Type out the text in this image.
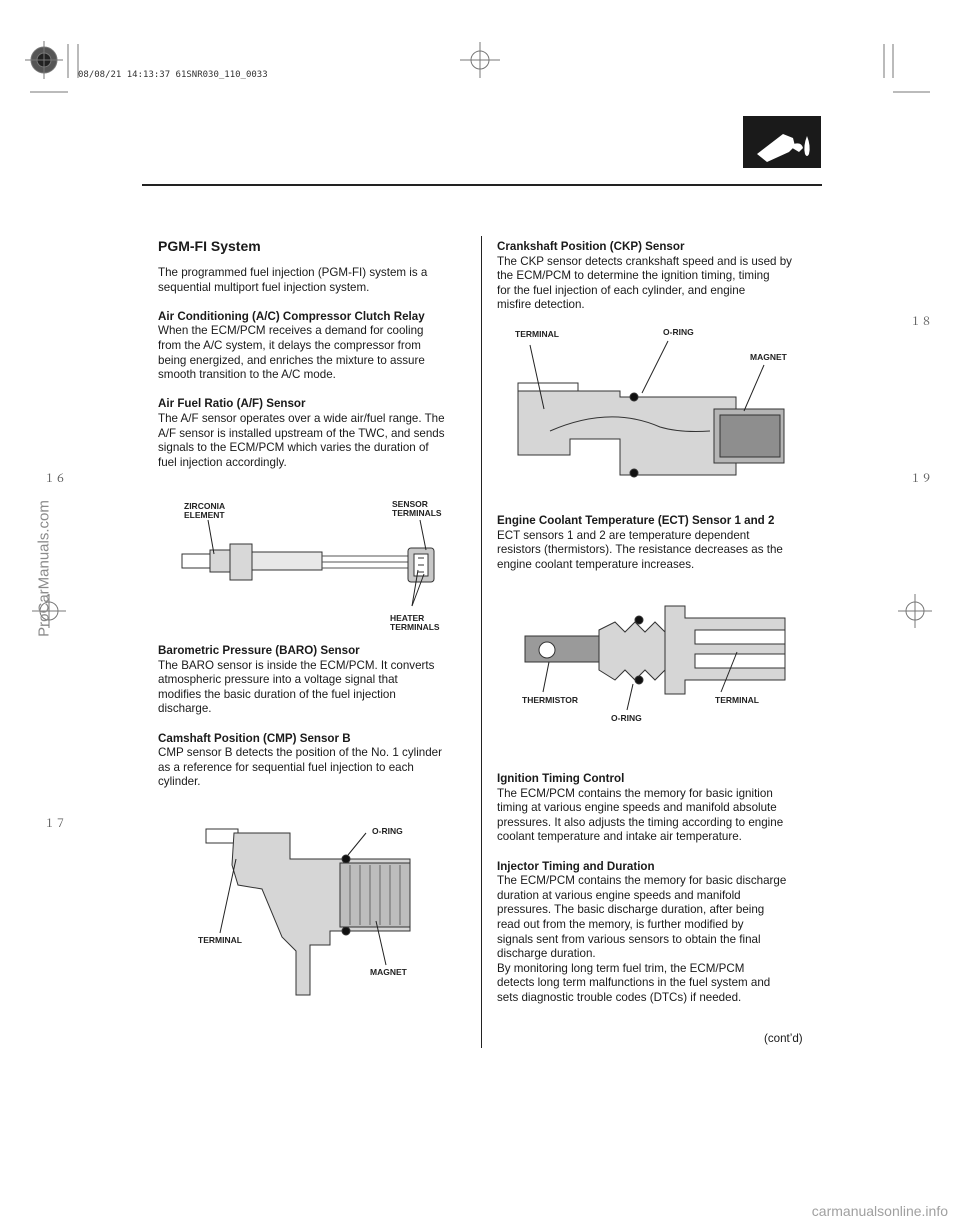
08/08/21 14:13:37 61SNR030_110_0033
１８
１６	１９
１７
ProCarManuals.com
PGM-FI System

The programmed fuel injection (PGM-FI) system is a

sequential multiport fuel injection system.

Air Conditioning (A/C) Compressor Clutch Relay

When the ECM/PCM receives a demand for cooling

from the A/C system, it delays the compressor from

being energized, and enriches the mixture to assure

smooth transition to the A/C mode.

Air Fuel Ratio (A/F) Sensor

The A/F sensor operates over a wide air/fuel range. The

A/F sensor is installed upstream of the TWC, and sends

signals to the ECM/PCM which varies the duration of

fuel injection accordingly.

ZIRCONIA
ELEMENT
SENSOR
TERMINALS
HEATER
TERMINALS

Barometric Pressure (BARO) Sensor

The BARO sensor is inside the ECM/PCM. It converts

atmospheric pressure into a voltage signal that

modifies the basic duration of the fuel injection

discharge.

Camshaft Position (CMP) Sensor B

CMP sensor B detects the position of the No. 1 cylinder

as a reference for sequential fuel injection to each

cylinder.

O-RING
TERMINAL
MAGNET

Crankshaft Position (CKP) Sensor

The CKP sensor detects crankshaft speed and is used by

the ECM/PCM to determine the ignition timing, timing

for the fuel injection of each cylinder, and engine

misfire detection.

TERMINAL	O-RING
MAGNET

Engine Coolant Temperature (ECT) Sensor 1 and 2

ECT sensors 1 and 2 are temperature dependent

resistors (thermistors). The resistance decreases as the

engine coolant temperature increases.

THERMISTOR
O-RING
TERMINAL

Ignition Timing Control

The ECM/PCM contains the memory for basic ignition

timing at various engine speeds and manifold absolute

pressures. It also adjusts the timing according to engine

coolant temperature and intake air temperature.

Injector Timing and Duration

The ECM/PCM contains the memory for basic discharge

duration at various engine speeds and manifold

pressures. The basic discharge duration, after being

read out from the memory, is further modified by

signals sent from various sensors to obtain the final

discharge duration.

By monitoring long term fuel trim, the ECM/PCM

detects long term malfunctions in the fuel system and

sets diagnostic trouble codes (DTCs) if needed.

(cont’d)
carmanualsonline.info
